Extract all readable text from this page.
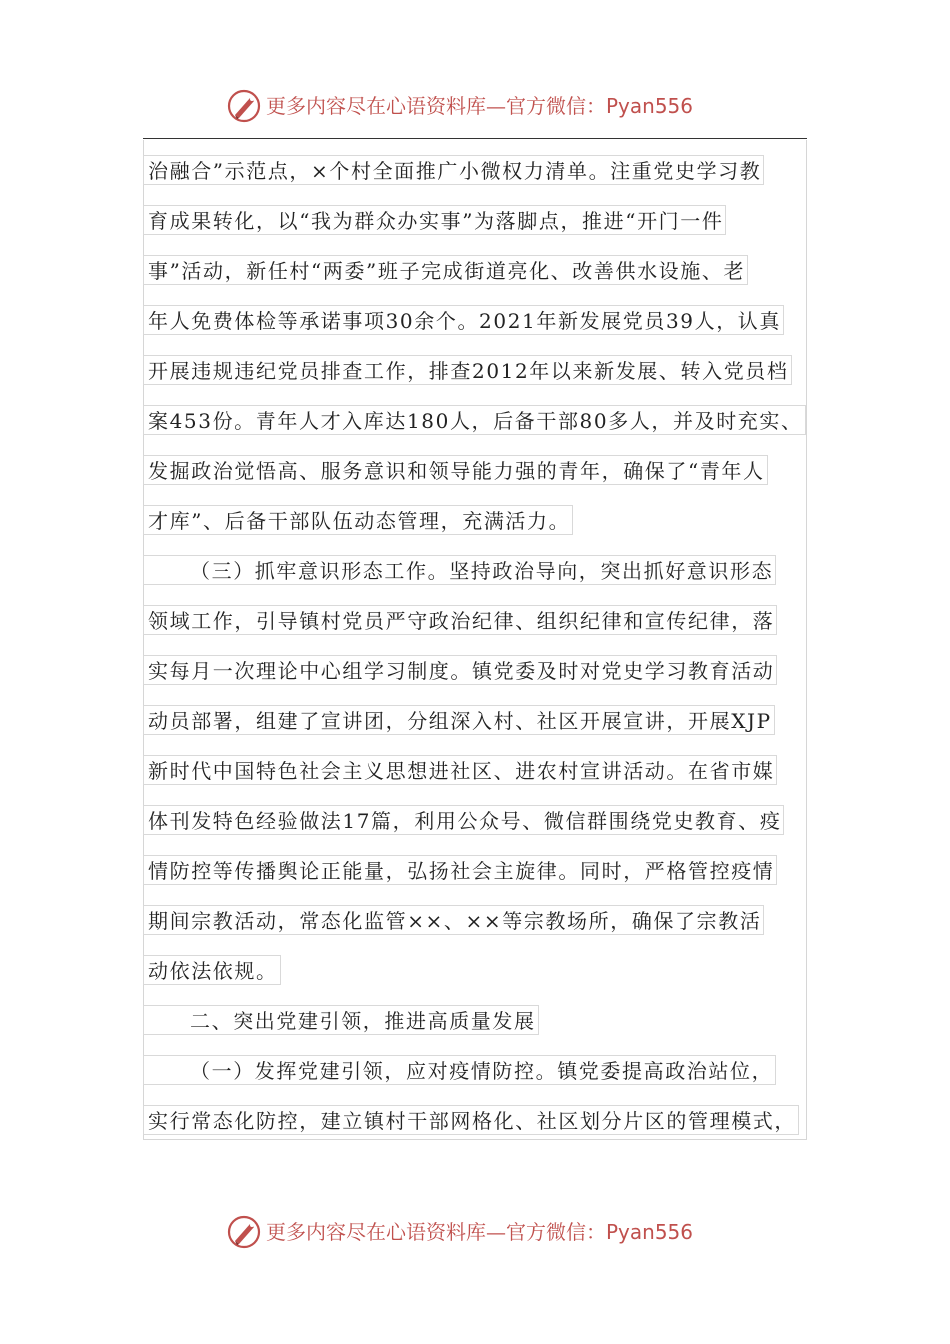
更多内容尽在心语资料库—官方微信：Pyan556
治融合”示范点，×个村全面推广小微权力清单。注重党史学习教
育成果转化，以“我为群众办实事”为落脚点，推进“开门一件
事”活动，新任村“两委”班子完成街道亮化、改善供水设施、老
年人免费体检等承诺事项30余个。2021年新发展党员39人，认真
开展违规违纪党员排查工作，排查2012年以来新发展、转入党员档
案453份。青年人才入库达180人，后备干部80多人，并及时充实、
发掘政治觉悟高、服务意识和领导能力强的青年，确保了“青年人
才库”、后备干部队伍动态管理，充满活力。
（三）抓牢意识形态工作。坚持政治导向，突出抓好意识形态
领域工作，引导镇村党员严守政治纪律、组织纪律和宣传纪律，落
实每月一次理论中心组学习制度。镇党委及时对党史学习教育活动
动员部署，组建了宣讲团，分组深入村、社区开展宣讲，开展XJP
新时代中国特色社会主义思想进社区、进农村宣讲活动。在省市媒
体刊发特色经验做法17篇，利用公众号、微信群围绕党史教育、疫
情防控等传播舆论正能量，弘扬社会主旋律。同时，严格管控疫情
期间宗教活动，常态化监管××、××等宗教场所，确保了宗教活
动依法依规。
二、突出党建引领，推进高质量发展
（一）发挥党建引领，应对疫情防控。镇党委提高政治站位，
实行常态化防控，建立镇村干部网格化、社区划分片区的管理模式，
更多内容尽在心语资料库—官方微信：Pyan556
